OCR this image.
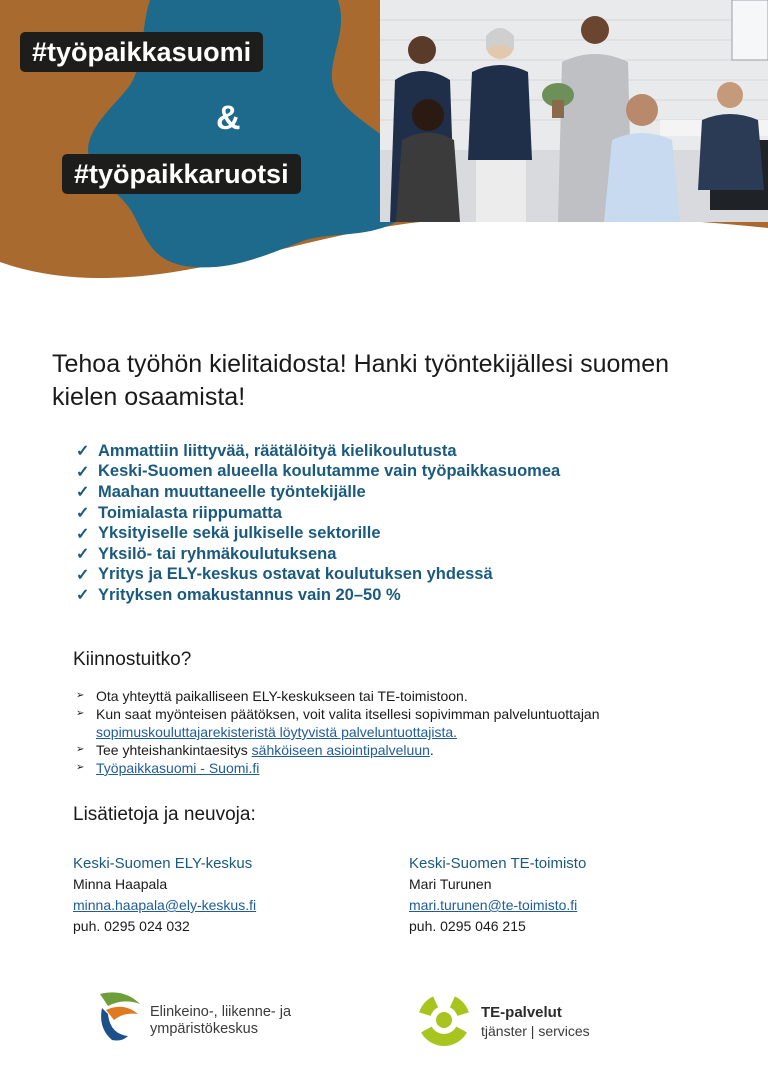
#työpaikkasuomi
&
#työpaikkaruotsi
Tehoa työhön kielitaidosta! Hanki työntekijällesi suomen kielen osaamista!
✓ Ammattiin liittyvää, räätälöityä kielikoulutusta
✓ Keski-Suomen alueella koulutamme vain työpaikkasuomea
✓ Maahan muuttaneelle työntekijälle
✓ Toimialasta riippumatta
✓ Yksityiselle sekä julkiselle sektorille
✓ Yksilö- tai ryhmäkoulutuksena
✓ Yritys ja ELY-keskus ostavat koulutuksen yhdessä
✓ Yrityksen omakustannus vain 20–50 %
Kiinnostuitko?
➢ Ota yhteyttä paikalliseen ELY-keskukseen tai TE-toimistoon.
➢ Kun saat myönteisen päätöksen, voit valita itsellesi sopivimman palveluntuottajan
sopimuskouluttajarekisteristä löytyvistä palveluntuottajista.
➢ Tee yhteishankintaesitys sähköiseen asiointipalveluun.
➢ Työpaikkasuomi - Suomi.fi
Lisätietoja ja neuvoja:
Keski-Suomen ELY-keskus
Minna Haapala
minna.haapala@ely-keskus.fi
puh. 0295 024 032
Keski-Suomen TE-toimisto
Mari Turunen
mari.turunen@te-toimisto.fi
puh. 0295 046 215
Elinkeino-, liikenne- ja
ympäristökeskus
TE-palvelut
tjänster | services
